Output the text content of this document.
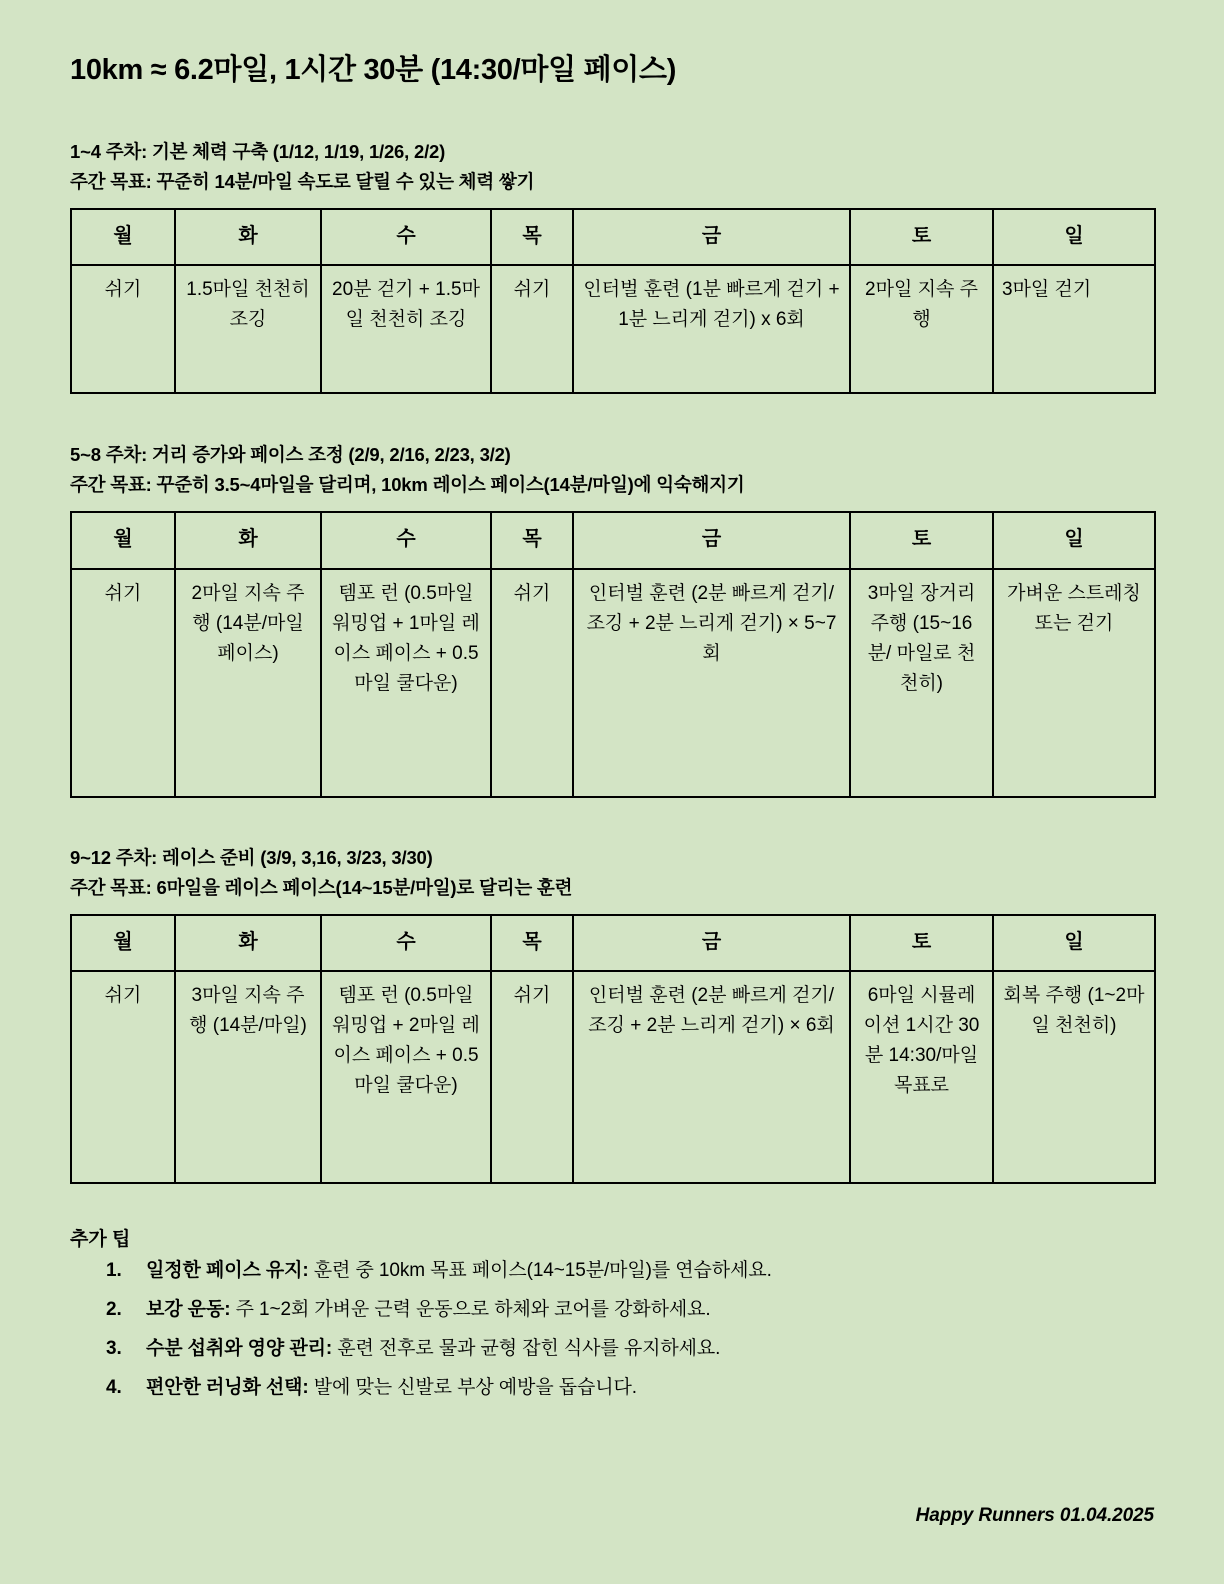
10km ≈ 6.2마일, 1시간 30분 (14:30/마일 페이스)

1~4 주차: 기본 체력 구축 (1/12, 1/19, 1/26, 2/2)

주간 목표: 꾸준히 14분/마일 속도로 달릴 수 있는 체력 쌓기

월	화	수	목	금	토	일
쉬기	1.5마일 천천히 조깅	20분 걷기 + 1.5마일 천천히 조깅	쉬기	인터벌 훈련 (1분 빠르게 걷기 + 1분 느리게 걷기) x 6회	2마일 지속 주행	3마일 걷기

5~8 주차: 거리 증가와 페이스 조정 (2/9, 2/16, 2/23, 3/2)

주간 목표: 꾸준히 3.5~4마일을 달리며, 10km 레이스 페이스(14분/마일)에 익숙해지기

월	화	수	목	금	토	일
쉬기	2마일 지속 주행 (14분/마일 페이스)	템포 런 (0.5마일 워밍업 + 1마일 레이스 페이스 + 0.5마일 쿨다운)	쉬기	인터벌 훈련 (2분 빠르게 걷기/조깅 + 2분 느리게 걷기) × 5~7회	3마일 장거리 주행 (15~16분/ 마일로 천천히)	가벼운 스트레칭 또는 걷기

9~12 주차: 레이스 준비 (3/9, 3,16, 3/23, 3/30)

주간 목표: 6마일을 레이스 페이스(14~15분/마일)로 달리는 훈련

월	화	수	목	금	토	일
쉬기	3마일 지속 주행 (14분/마일)	템포 런 (0.5마일 워밍업 + 2마일 레이스 페이스 + 0.5마일 쿨다운)	쉬기	인터벌 훈련 (2분 빠르게 걷기/조깅 + 2분 느리게 걷기) × 6회	6마일 시뮬레이션 1시간 30분 14:30/마일 목표로	회복 주행 (1~2마일 천천히)

추가 팁

1. 일정한 페이스 유지: 훈련 중 10km 목표 페이스(14~15분/마일)를 연습하세요.
2. 보강 운동: 주 1~2회 가벼운 근력 운동으로 하체와 코어를 강화하세요.
3. 수분 섭취와 영양 관리: 훈련 전후로 물과 균형 잡힌 식사를 유지하세요.
4. 편안한 러닝화 선택: 발에 맞는 신발로 부상 예방을 돕습니다.
Happy Runners 01.04.2025
